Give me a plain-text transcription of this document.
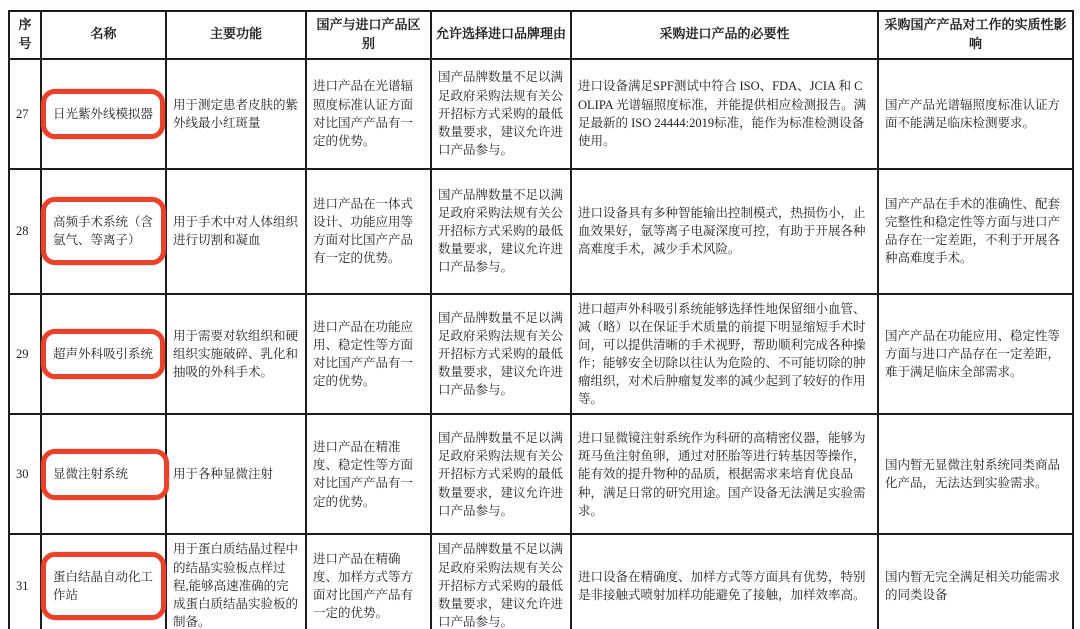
序号	名称	主要功能	国产与进口产品区别	允许选择进口品牌理由	采购进口产品的必要性	采购国产产品对工作的实质性影响
27	日光紫外线模拟器	用于测定患者皮肤的紫外线最小红斑量	进口产品在光谱辐照度标准认证方面对比国产产品有一定的优势。	国产品牌数量不足以满足政府采购法规有关公开招标方式采购的最低数量要求，建议允许进口产品参与。	进口设备满足SPF测试中符合 ISO、FDA、JCIA 和 COLIPA 光谱辐照度标准，并能提供相应检测报告。满足最新的 ISO 24444:2019标准，能作为标准检测设备使用。	国产产品光谱辐照度标准认证方面不能满足临床检测要求。
28	高频手术系统（含氩气、等离子）	用于手术中对人体组织进行切割和凝血	进口产品在一体式设计、功能应用等方面对比国产产品有一定的优势。	国产品牌数量不足以满足政府采购法规有关公开招标方式采购的最低数量要求，建议允许进口产品参与。	进口设备具有多种智能输出控制模式，热损伤小，止血效果好，氩等离子电凝深度可控，有助于开展各种高难度手术，减少手术风险。	国产产品在手术的准确性、配套完整性和稳定性等方面与进口产品存在一定差距，不利于开展各种高难度手术。
29	超声外科吸引系统	用于需要对软组织和硬组织实施破碎、乳化和抽吸的外科手术。	进口产品在功能应用、稳定性等方面对比国产产品有一定的优势。	国产品牌数量不足以满足政府采购法规有关公开招标方式采购的最低数量要求，建议允许进口产品参与。	进口超声外科吸引系统能够选择性地保留细小血管、减（略）以在保证手术质量的前提下明显缩短手术时间，可以提供清晰的手术视野，帮助顺利完成各种操作；能够安全切除以往认为危险的、不可能切除的肿瘤组织，对术后肿瘤复发率的减少起到了较好的作用等。	国产产品在功能应用、稳定性等方面与进口产品存在一定差距，难于满足临床全部需求。
30	显微注射系统	用于各种显微注射	进口产品在精准度、稳定性等方面对比国产产品有一定的优势。	国产品牌数量不足以满足政府采购法规有关公开招标方式采购的最低数量要求，建议允许进口产品参与。	进口显微镜注射系统作为科研的高精密仪器，能够为斑马鱼注射鱼卵，通过对胚胎等进行转基因等操作，能有效的提升物种的品质，根据需求来培育优良品种，满足日常的研究用途。国产设备无法满足实验需求。	国内暂无显微注射系统同类商品化产品，无法达到实验需求。
31	蛋白结晶自动化工作站	用于蛋白质结晶过程中的结晶实验板点样过程,能够高速准确的完成蛋白质结晶实验板的制备。	进口产品在精确度、加样方式等方面对比国产产品有一定的优势。	国产品牌数量不足以满足政府采购法规有关公开招标方式采购的最低数量要求，建议允许进口产品参与。	进口设备在精确度、加样方式等方面具有优势，特别是非接触式喷射加样功能避免了接触，加样效率高。	国内暂无完全满足相关功能需求的同类设备
